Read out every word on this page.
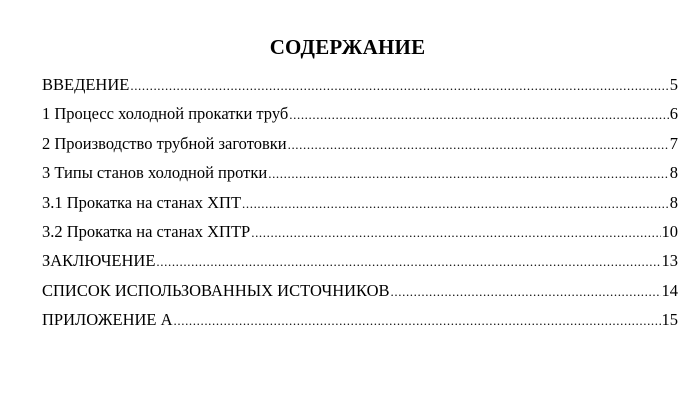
СОДЕРЖАНИЕ
ВВЕДЕНИЕ .....	5
1 Процесс холодной прокатки труб .....	6
2 Производство трубной заготовки .....	7
3 Типы станов холодной протки .....	8
3.1 Прокатка на станах ХПТ .....	8
3.2 Прокатка на станах ХПТР .....	10
ЗАКЛЮЧЕНИЕ .....	13
СПИСОК ИСПОЛЬЗОВАННЫХ ИСТОЧНИКОВ .....	14
ПРИЛОЖЕНИЕ А .....	15
